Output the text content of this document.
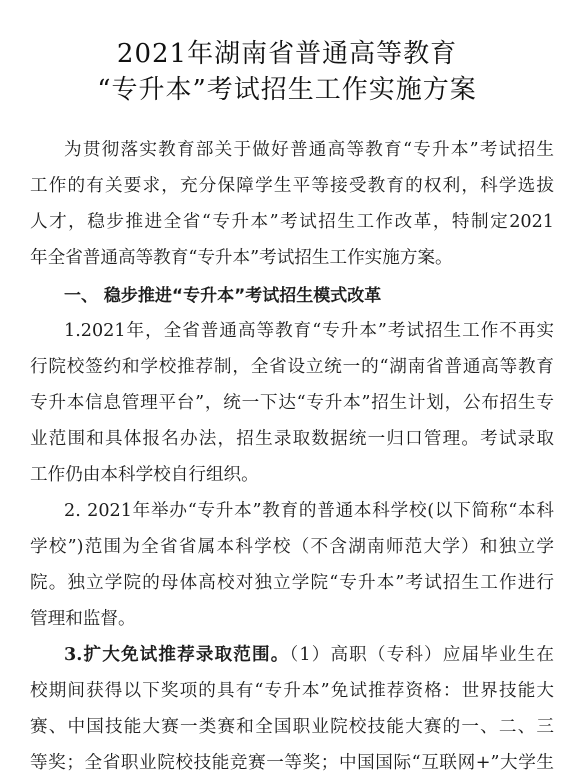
2021年湖南省普通高等教育
“专升本”考试招生工作实施方案
为贯彻落实教育部关于做好普通高等教育“专升本”考试招生
工作的有关要求，充分保障学生平等接受教育的权利，科学选拔
人才，稳步推进全省“专升本”考试招生工作改革，特制定2021
年全省普通高等教育“专升本”考试招生工作实施方案。
一、 稳步推进“专升本”考试招生模式改革
1.2021年，全省普通高等教育“专升本”考试招生工作不再实
行院校签约和学校推荐制，全省设立统一的“湖南省普通高等教育
专升本信息管理平台”，统一下达“专升本”招生计划，公布招生专
业范围和具体报名办法，招生录取数据统一归口管理。考试录取
工作仍由本科学校自行组织。
2. 2021年举办“专升本”教育的普通本科学校(以下简称“本科
学校”)范围为全省省属本科学校（不含湖南师范大学）和独立学
院。独立学院的母体高校对独立学院“专升本”考试招生工作进行
管理和监督。
3.扩大免试推荐录取范围。（1）高职（专科）应届毕业生在
校期间获得以下奖项的具有“专升本”免试推荐资格：世界技能大
赛、中国技能大赛一类赛和全国职业院校技能大赛的一、二、三
等奖；全省职业院校技能竞赛一等奖；中国国际“互联网+”大学生
